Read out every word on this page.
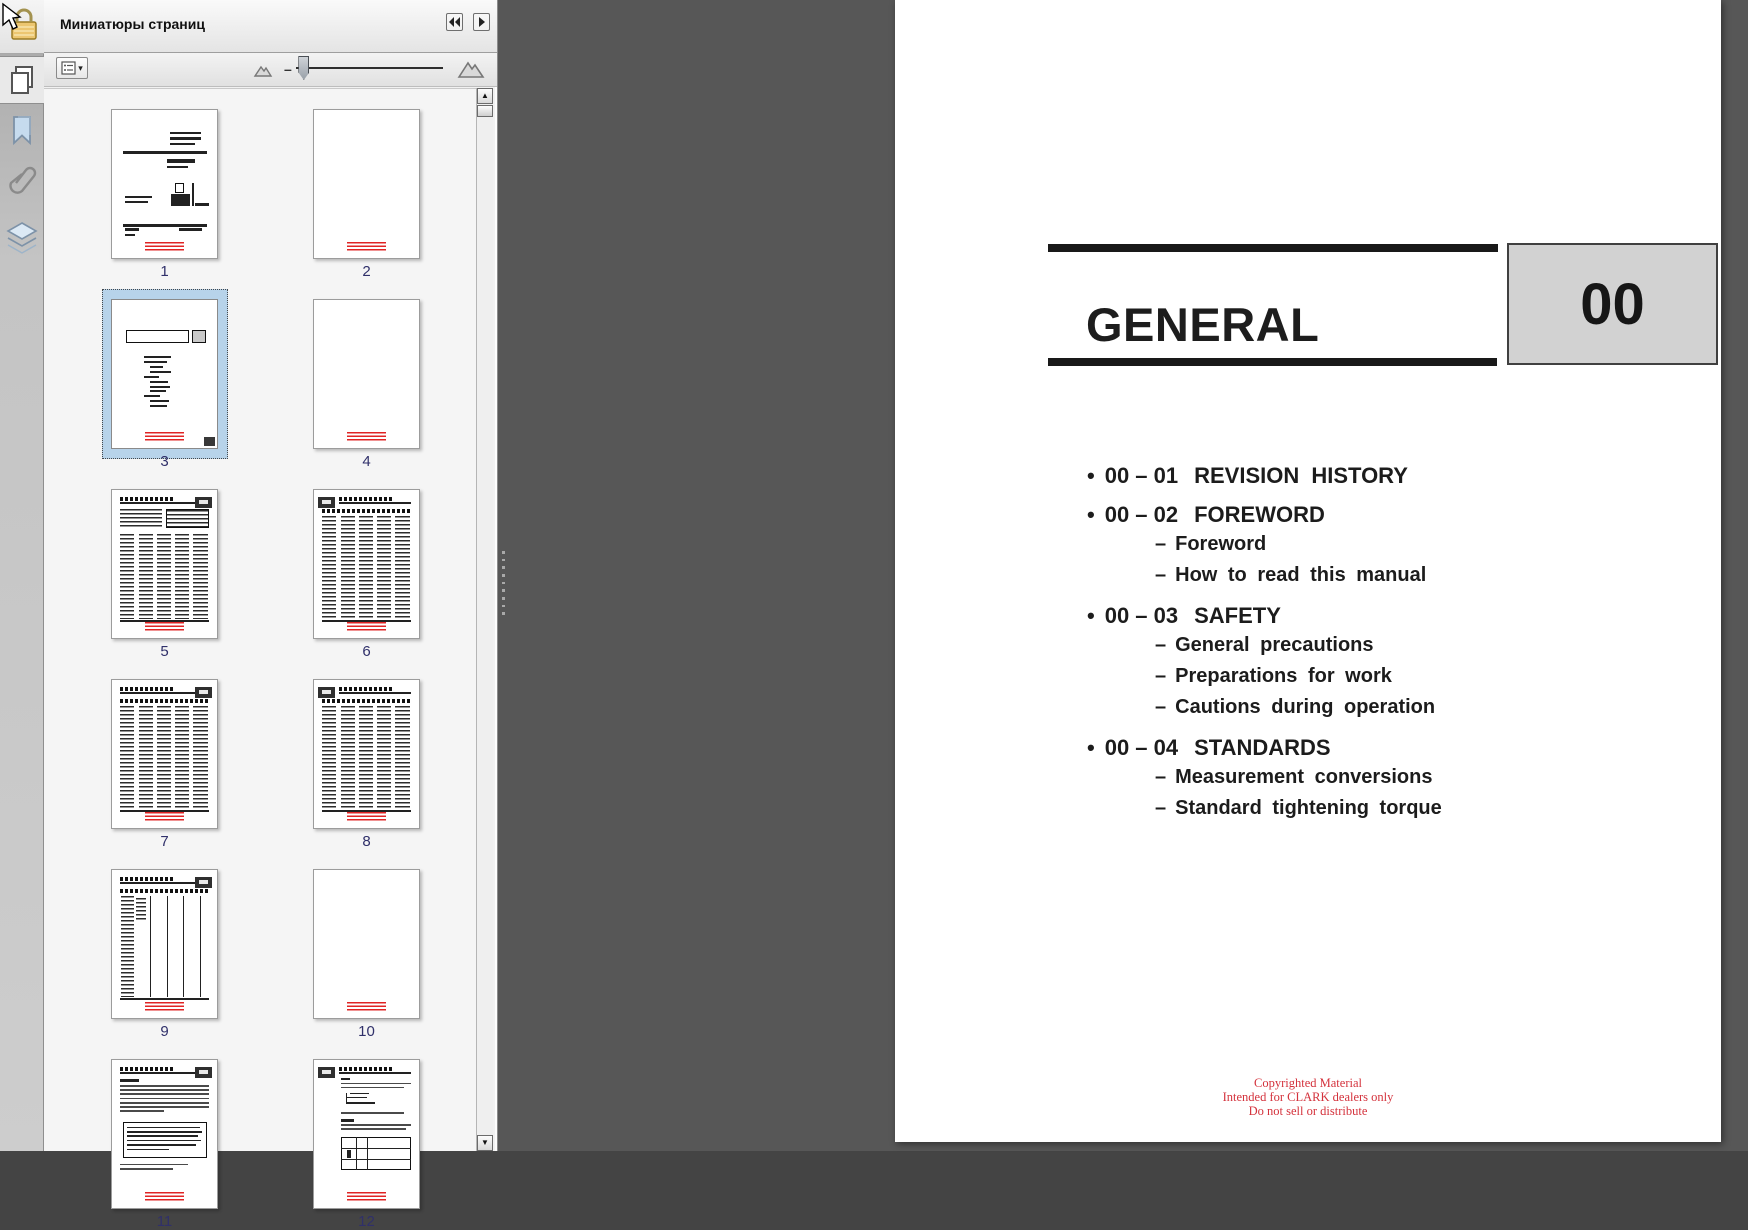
GENERAL	00
• 00 – 01 REVISION HISTORY
• 00 – 02 FOREWORD
– Foreword
– How to read this manual
• 00 – 03 SAFETY
– General precautions
– Preparations for work
– Cautions during operation
• 00 – 04 STANDARDS
– Measurement conversions
– Standard tightening torque
Copyrighted Material
Intended for CLARK dealers only
Do not sell or distribute
Миниатюры страниц
▾	–
1	2
3	4
5	6
7	8
9	10
11	12
▲
▼
